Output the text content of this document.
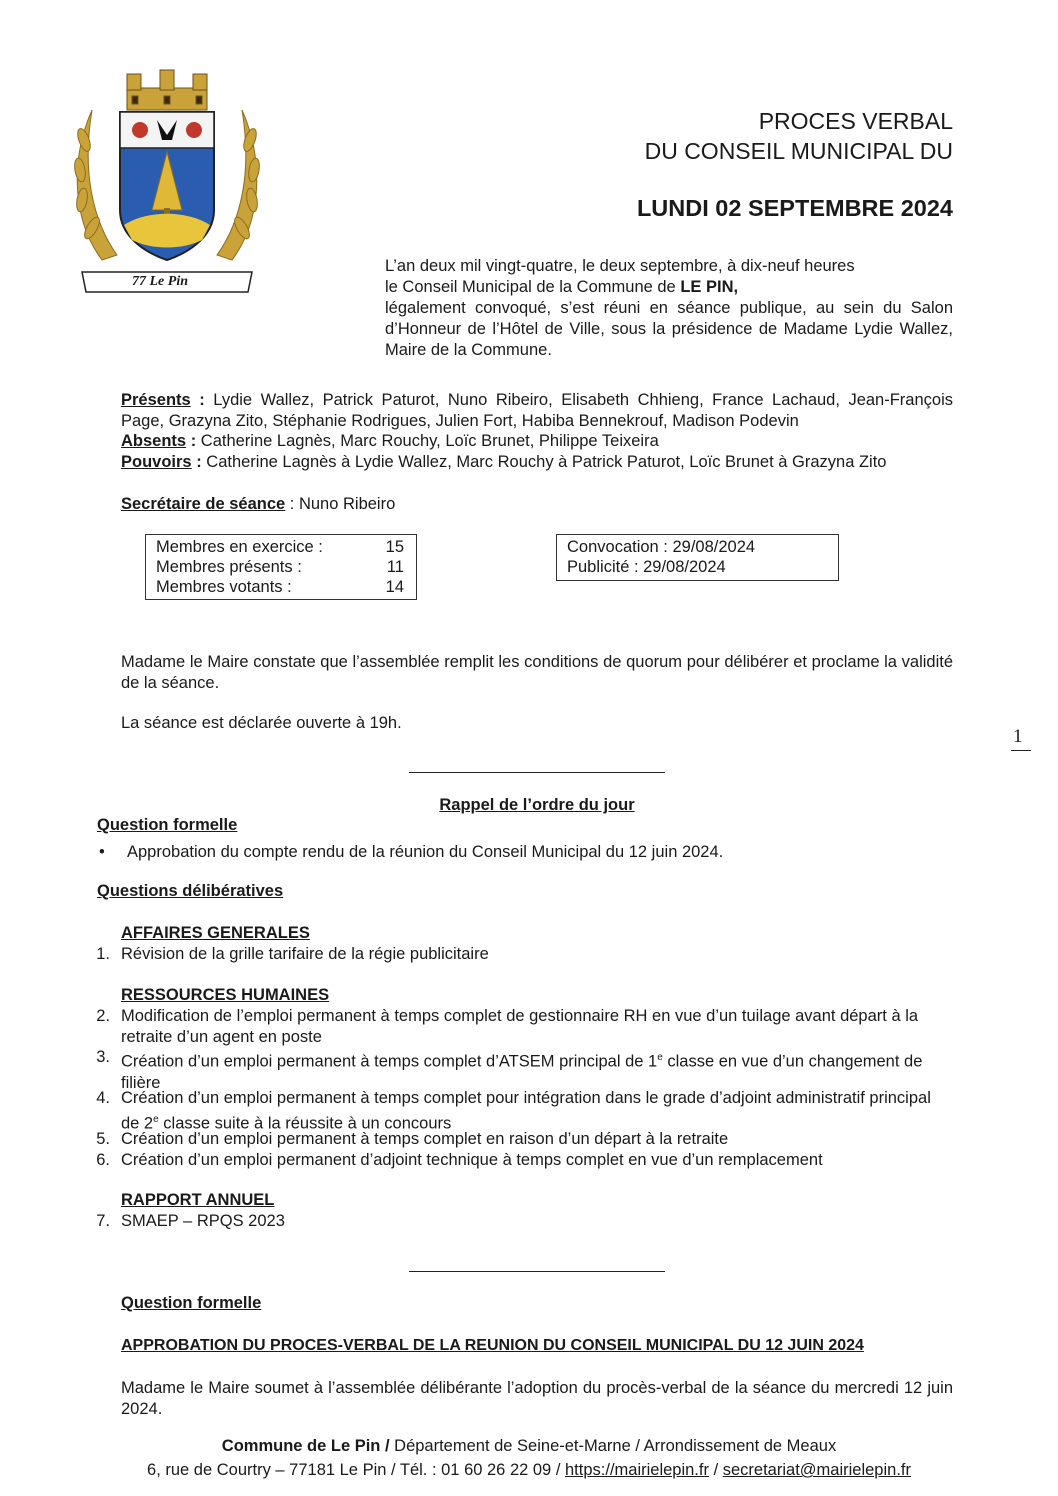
77 Le Pin
PROCES VERBAL
DU CONSEIL MUNICIPAL DU
LUNDI 02 SEPTEMBRE 2024
L’an deux mil vingt-quatre, le deux septembre, à dix-neuf heures
le Conseil Municipal de la Commune de LE PIN,
légalement convoqué, s’est réuni en séance publique, au sein du Salon d’Honneur de l’Hôtel de Ville, sous la présidence de Madame Lydie Wallez, Maire de la Commune.
Présents : Lydie Wallez, Patrick Paturot, Nuno Ribeiro, Elisabeth Chhieng, France Lachaud, Jean-François Page, Grazyna Zito, Stéphanie Rodrigues, Julien Fort, Habiba Bennekrouf, Madison Podevin
Absents : Catherine Lagnès, Marc Rouchy, Loïc Brunet, Philippe Teixeira
Pouvoirs : Catherine Lagnès à Lydie Wallez, Marc Rouchy à Patrick Paturot, Loïc Brunet à Grazyna Zito
Secrétaire de séance : Nuno Ribeiro
Membres en exercice :	15
Membres présents :	11
Membres votants :	14
Convocation : 29/08/2024
Publicité : 29/08/2024
Madame le Maire constate que l’assemblée remplit les conditions de quorum pour délibérer et proclame la validité de la séance.
La séance est déclarée ouverte à 19h.
1
Rappel de l’ordre du jour
Question formelle
• Approbation du compte rendu de la réunion du Conseil Municipal du 12 juin 2024.
Questions délibératives
AFFAIRES GENERALES
1. Révision de la grille tarifaire de la régie publicitaire
RESSOURCES HUMAINES
2. Modification de l’emploi permanent à temps complet de gestionnaire RH en vue d’un tuilage avant départ à la retraite d’un agent en poste
3. Création d’un emploi permanent à temps complet d’ATSEM principal de 1e classe en vue d’un changement de filière
4. Création d’un emploi permanent à temps complet pour intégration dans le grade d’adjoint administratif principal de 2e classe suite à la réussite à un concours
5. Création d’un emploi permanent à temps complet en raison d’un départ à la retraite
6. Création d’un emploi permanent d’adjoint technique à temps complet en vue d’un remplacement
RAPPORT ANNUEL
7. SMAEP – RPQS 2023
Question formelle
APPROBATION DU PROCES-VERBAL DE LA REUNION DU CONSEIL MUNICIPAL DU 12 JUIN 2024
Madame le Maire soumet à l’assemblée délibérante l’adoption du procès-verbal de la séance du mercredi 12 juin 2024.
Commune de Le Pin / Département de Seine-et-Marne / Arrondissement de Meaux
6, rue de Courtry – 77181 Le Pin / Tél. : 01 60 26 22 09 / https://mairielepin.fr / secretariat@mairielepin.fr
